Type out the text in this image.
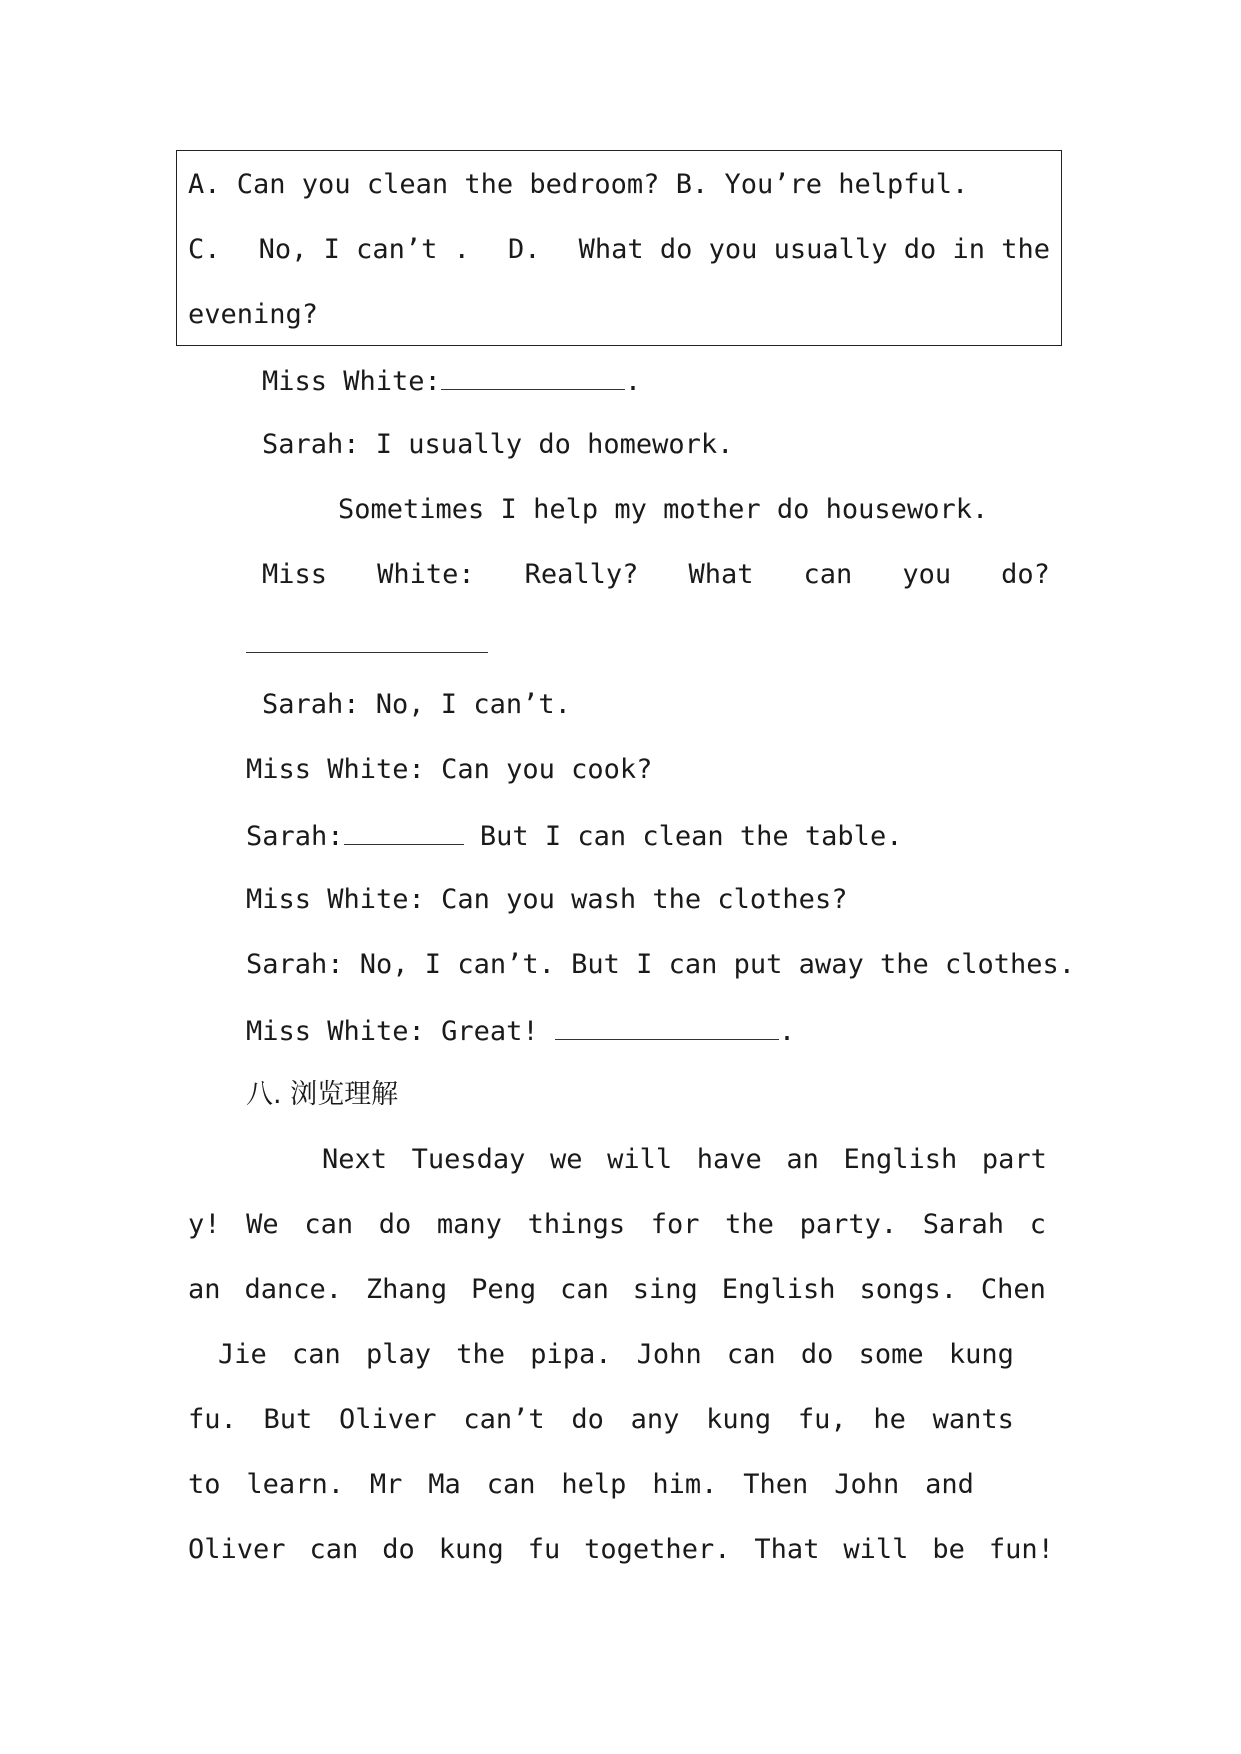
A. Can you clean the bedroom? B. You’re helpful.
C. No, I can’t . D. What do you usually do in the
evening?
Miss White:	.
Sarah: I usually do homework.
Sometimes I help my mother do housework.
Miss White: Really? What can you do?
Sarah: No, I can’t.
Miss White: Can you cook?
Sarah:	But I can clean the table.
Miss White: Can you wash the clothes?
Sarah: No, I can’t. But I can put away the clothes.
Miss White: Great!	.
八. 浏览理解
Next Tuesday we will have an English part
y! We can do many things for the party. Sarah c
an dance. Zhang Peng can sing English songs. Chen
Jie can play the pipa. John can do some kung
fu. But Oliver can’t do any kung fu, he wants
to learn. Mr Ma can help him. Then John and
Oliver can do kung fu together. That will be fun!
